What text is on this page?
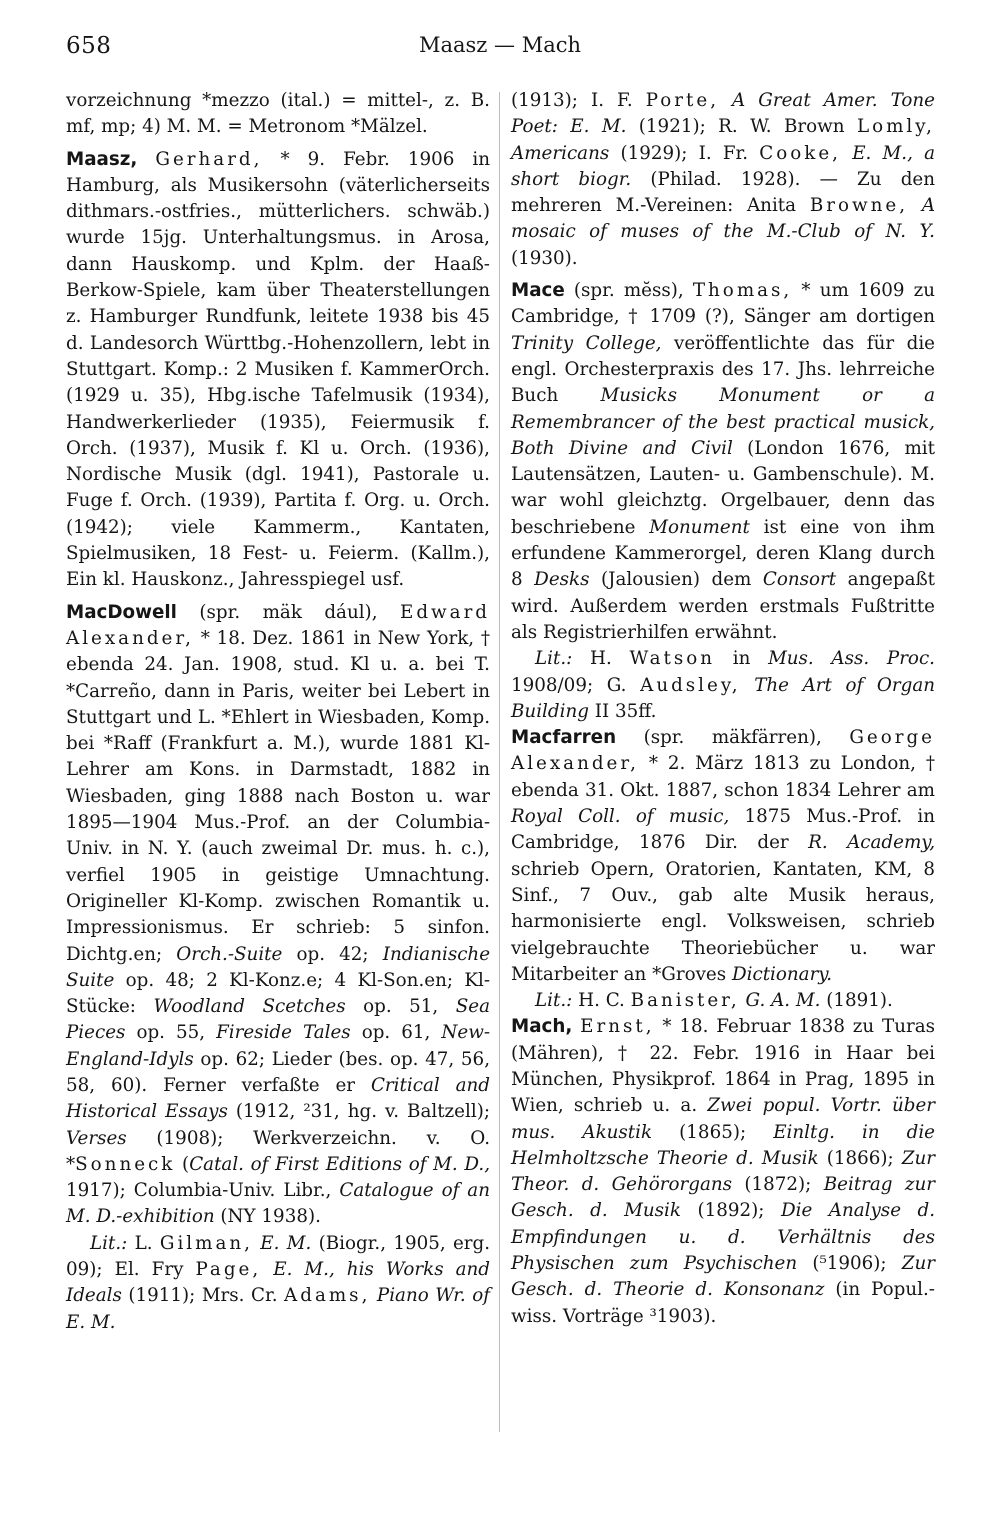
658	Maasz — Mach

vorzeichnung *mezzo (ital.) = mittel-, z. B. mf, mp; 4) M. M. = Metronom *Mälzel.

Maasz, Gerhard, * 9. Febr. 1906 in Hamburg, als Musikersohn (väterlicherseits dithmars.-ostfries., mütterlichers. schwäb.) wurde 15jg. Unterhaltungsmus. in Arosa, dann Hauskomp. und Kplm. der Haaß-Berkow-Spiele, kam über Theaterstellungen z. Hamburger Rundfunk, leitete 1938 bis 45 d. Landesorch Württbg.-Hohenzollern, lebt in Stuttgart. Komp.: 2 Musiken f. KammerOrch. (1929 u. 35), Hbg.ische Tafelmusik (1934), Handwerkerlieder (1935), Feiermusik f. Orch. (1937), Musik f. Kl u. Orch. (1936), Nordische Musik (dgl. 1941), Pastorale u. Fuge f. Orch. (1939), Partita f. Org. u. Orch. (1942); viele Kammerm., Kantaten, Spielmusiken, 18 Fest- u. Feierm. (Kallm.), Ein kl. Hauskonz., Jahresspiegel usf.

MacDowell (spr. mäk dául), Edward Alexander, * 18. Dez. 1861 in New York, † ebenda 24. Jan. 1908, stud. Kl u. a. bei T. *Carreño, dann in Paris, weiter bei Lebert in Stuttgart und L. *Ehlert in Wiesbaden, Komp. bei *Raff (Frankfurt a. M.), wurde 1881 Kl-Lehrer am Kons. in Darmstadt, 1882 in Wiesbaden, ging 1888 nach Boston u. war 1895—1904 Mus.-Prof. an der Columbia-Univ. in N. Y. (auch zweimal Dr. mus. h. c.), verfiel 1905 in geistige Umnachtung. Origineller Kl-Komp. zwischen Romantik u. Impressionismus. Er schrieb: 5 sinfon. Dichtg.en; Orch.-Suite op. 42; Indianische Suite op. 48; 2 Kl-Konz.e; 4 Kl-Son.en; Kl-Stücke: Woodland Scetches op. 51, Sea Pieces op. 55, Fireside Tales op. 61, New-England-Idyls op. 62; Lieder (bes. op. 47, 56, 58, 60). Ferner verfaßte er Critical and Historical Essays (1912, ²31, hg. v. Baltzell); Verses (1908); Werkverzeichn. v. O. *Sonneck (Catal. of First Editions of M. D., 1917); Columbia-Univ. Libr., Catalogue of an M. D.-exhibition (NY 1938).

Lit.: L. Gilman, E. M. (Biogr., 1905, erg. 09); El. Fry Page, E. M., his Works and Ideals (1911); Mrs. Cr. Adams, Piano Wr. of E. M.

(1913); I. F. Porte, A Great Amer. Tone Poet: E. M. (1921); R. W. Brown Lomly, Americans (1929); I. Fr. Cooke, E. M., a short biogr. (Philad. 1928). — Zu den mehreren M.-Vereinen: Anita Browne, A mosaic of muses of the M.-Club of N. Y. (1930).

Mace (spr. mĕss), Thomas, * um 1609 zu Cambridge, † 1709 (?), Sänger am dortigen Trinity College, veröffentlichte das für die engl. Orchesterpraxis des 17. Jhs. lehrreiche Buch Musicks Monument or a Remembrancer of the best practical musick, Both Divine and Civil (London 1676, mit Lautensätzen, Lauten- u. Gambenschule). M. war wohl gleichztg. Orgelbauer, denn das beschriebene Monument ist eine von ihm erfundene Kammerorgel, deren Klang durch 8 Desks (Jalousien) dem Consort angepaßt wird. Außerdem werden erstmals Fußtritte als Registrierhilfen erwähnt.

Lit.: H. Watson in Mus. Ass. Proc. 1908/09; G. Audsley, The Art of Organ Building II 35ff.

Macfarren (spr. mäkfärren), George Alexander, * 2. März 1813 zu London, † ebenda 31. Okt. 1887, schon 1834 Lehrer am Royal Coll. of music, 1875 Mus.-Prof. in Cambridge, 1876 Dir. der R. Academy, schrieb Opern, Oratorien, Kantaten, KM, 8 Sinf., 7 Ouv., gab alte Musik heraus, harmonisierte engl. Volksweisen, schrieb vielgebrauchte Theoriebücher u. war Mitarbeiter an *Groves Dictionary.

Lit.: H. C. Banister, G. A. M. (1891).

Mach, Ernst, * 18. Februar 1838 zu Turas (Mähren), † 22. Febr. 1916 in Haar bei München, Physikprof. 1864 in Prag, 1895 in Wien, schrieb u. a. Zwei popul. Vortr. über mus. Akustik (1865); Einltg. in die Helmholtzsche Theorie d. Musik (1866); Zur Theor. d. Gehörorgans (1872); Beitrag zur Gesch. d. Musik (1892); Die Analyse d. Empfindungen u. d. Verhältnis des Physischen zum Psychischen (⁵1906); Zur Gesch. d. Theorie d. Konsonanz (in Popul.-wiss. Vorträge ³1903).
